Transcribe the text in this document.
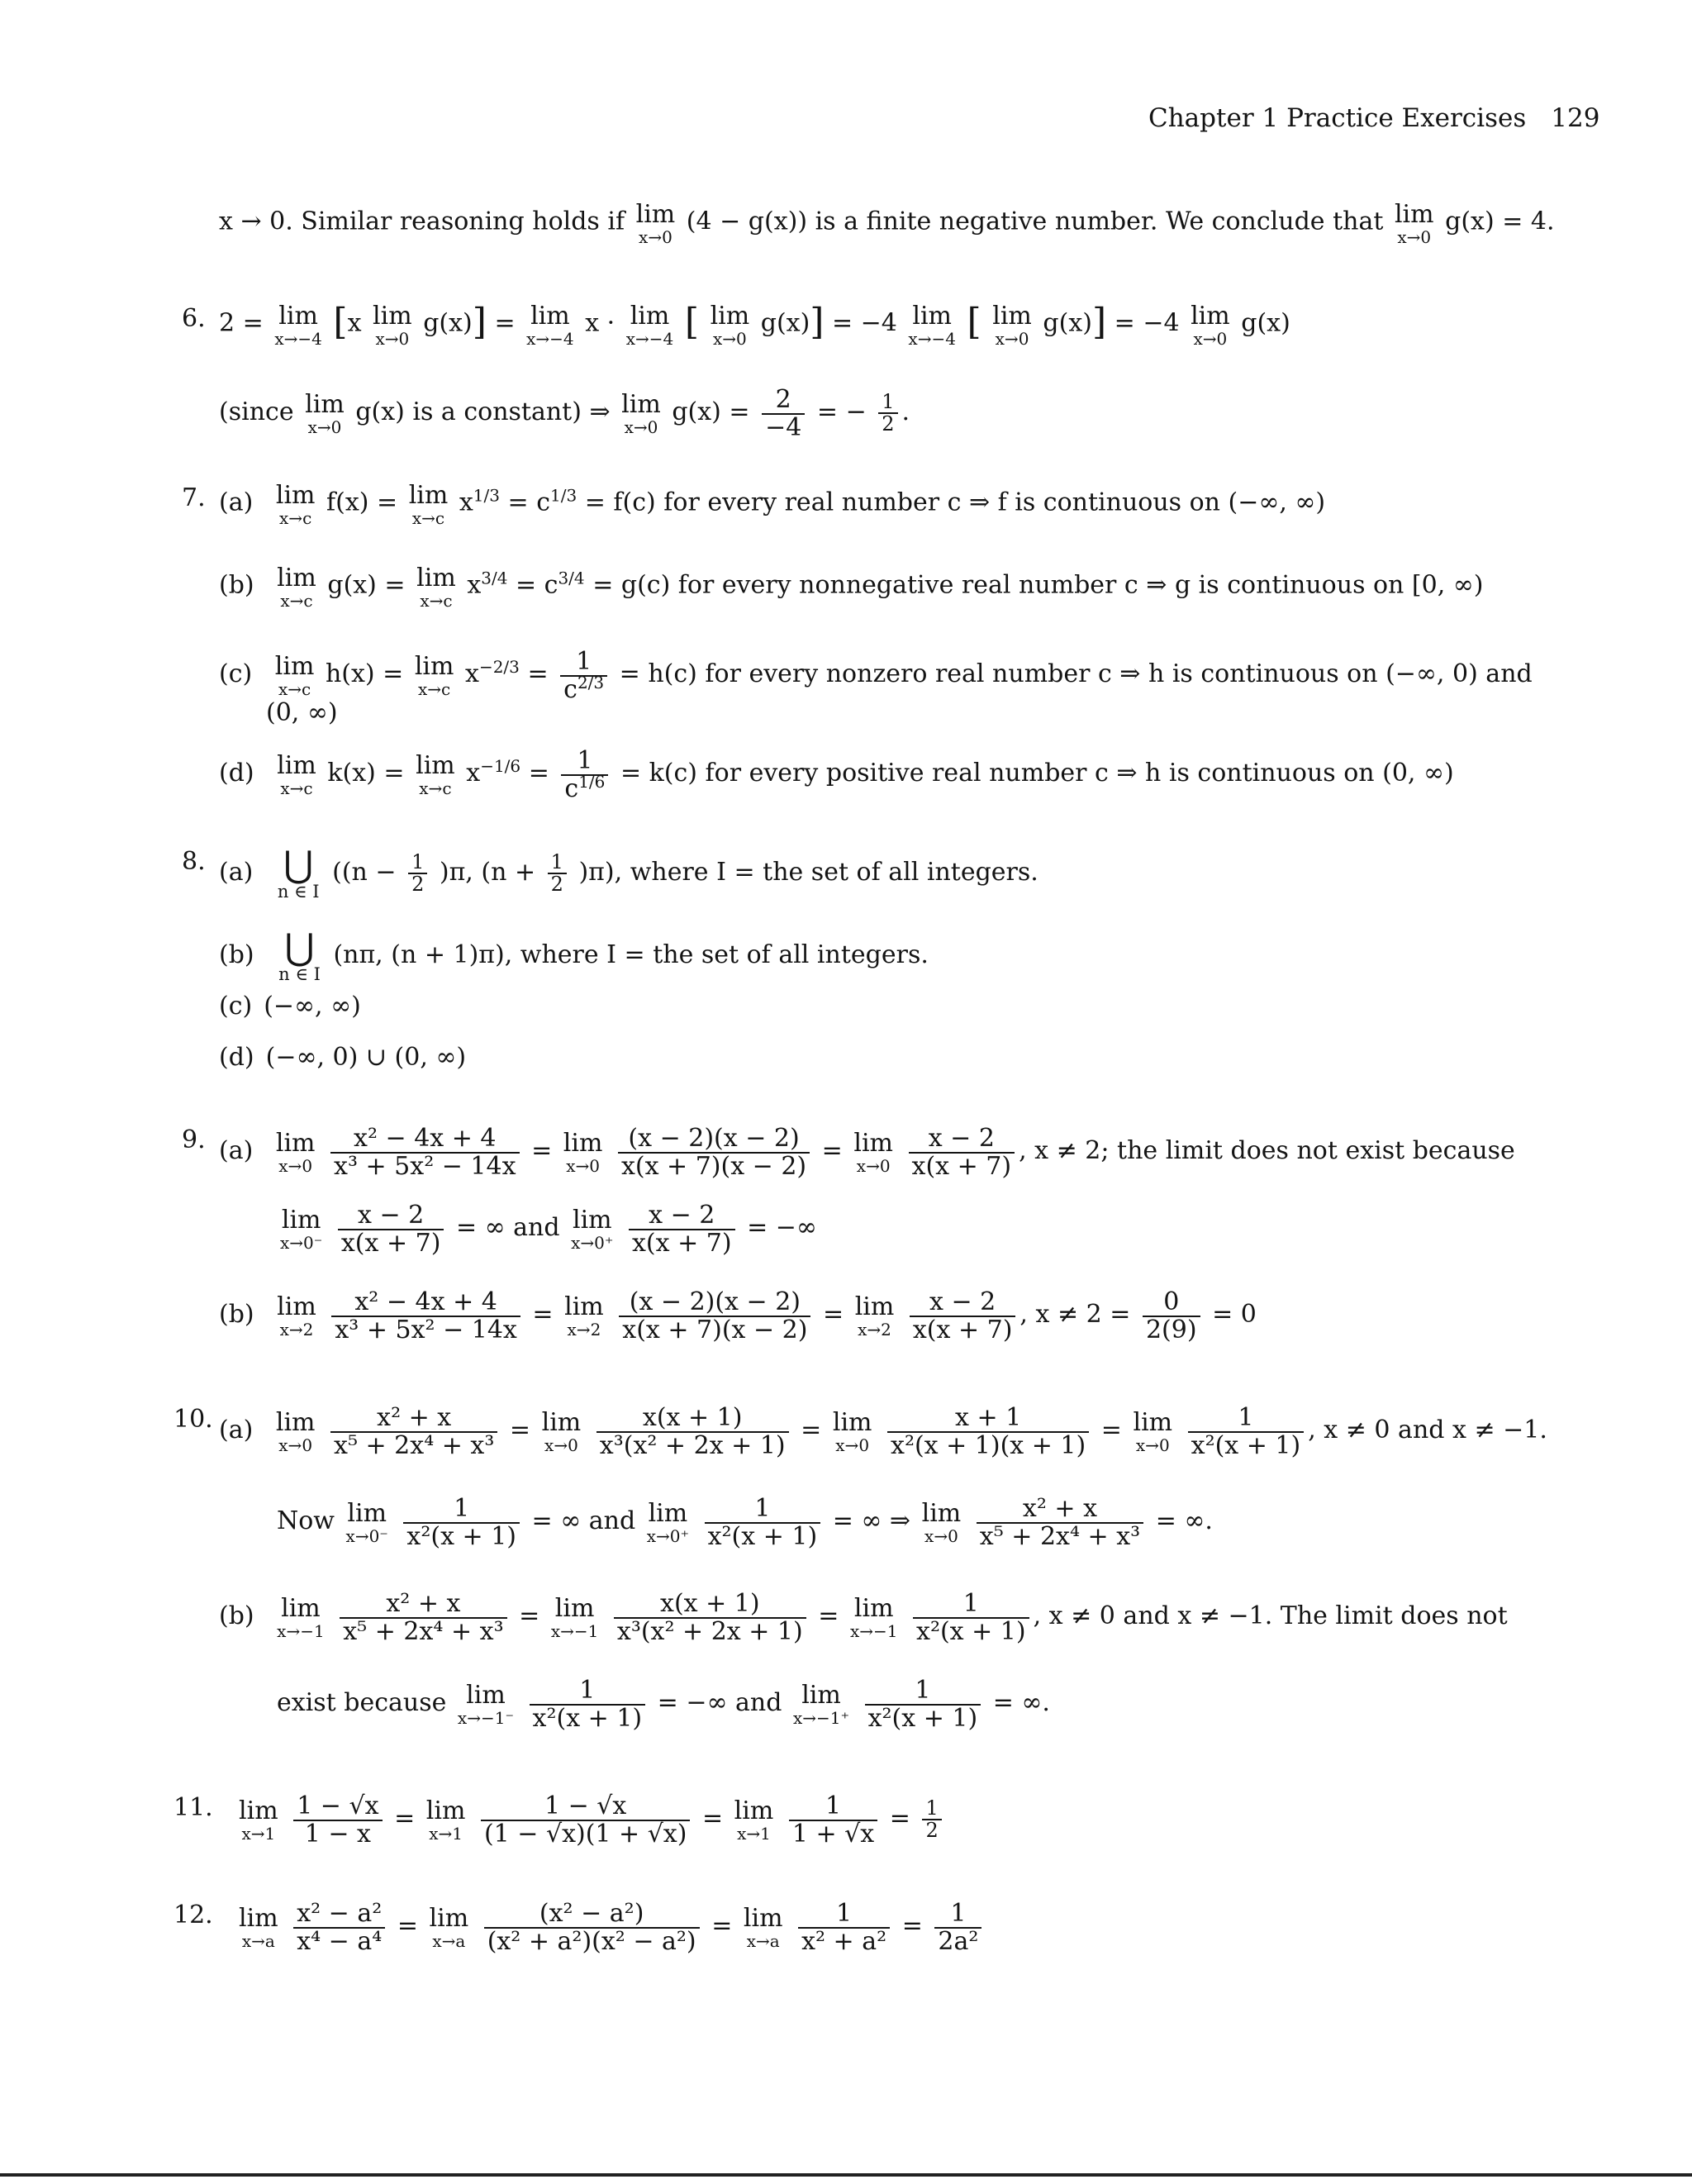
Chapter 1 Practice Exercises 129
x → 0. Similar reasoning holds if lim
x→0
(4 − g(x)) is a finite negative number. We conclude that lim
x→0
g(x) = 4.
6. 2 = lim
x→−4 [x lim
x→0
g(x)] = lim
x→−4
x · lim
x→−4 [ lim
x→0
g(x)] = −4 lim
x→−4 [ lim
x→0
g(x)] = −4 lim
x→0
g(x)
(since lim
x→0
g(x) is a constant) ⇒ lim
x→0
$g(x) = \frac{2}{-4}$ = − $\frac{1}{2}$ .
7. (a) lim
x→c
f(x) = lim
x→c
$x^{1/3} = c^{1/3} = f(c)$ for every real number c ⇒ f is continuous on (−∞, ∞)
(b) lim
x→c
g(x) = lim
x→c
$x^{3/4} = c^{3/4} = g(c)$ for every nonnegative real number c ⇒ g is continuous on [0, ∞)
(c) lim
x→c
h(x) = lim
x→c
$x^{-2/3} = \frac{1}{c^{2/3}} = h(c)$ for every nonzero real number c ⇒ h is continuous on (−∞, 0) and
(0, ∞)
(d) lim
x→c
k(x) = lim
x→c
$x^{-1/6} = \frac{1}{c^{1/6}} = k(c)$ for every positive real number c ⇒ h is continuous on (0, ∞)
8. (a) ⋃
n ∈ I
($(n - \frac{1}{2} )\pi$, $(n + \frac{1}{2} )\pi$), where I = the set of all integers.
(b) ⋃
n ∈ I
(nπ, (n + 1)π), where I = the set of all integers.
(c) (−∞, ∞)
(d) (−∞, 0) ∪ (0, ∞)
9. (a) lim
x→0
$\frac{\text{x² − 4x + 4}}{\text{x³ + 5x² − 14x}} = \lim$
x→0
$\frac{(x - 2)(x - 2)}{x(x + 7)(x - 2)} = \lim$
x→0
$\frac{x - 2}{x(x + 7)}$ , x ≠ 2; the limit does not exist because
lim
x→0⁻
$\frac{x - 2}{x(x + 7)}$ = ∞ and lim
x→0⁺
$\frac{x - 2}{x(x + 7)}$ = −∞
(b) lim
x→2
$\frac{\text{x² − 4x + 4}}{\text{x³ + 5x² − 14x}} = \lim$
x→2
$\frac{(x - 2)(x - 2)}{x(x + 7)(x - 2)} = \lim$
x→2
$\frac{x - 2}{x(x + 7)}$ , $x \ne 2 = \frac{0}{2(9)} = 0$
10. (a) lim
x→0
$\frac{\text{x² + x}}{\text{x⁵ + 2x⁴ + x³}} = \lim$
x→0
$\frac{x(x + 1)}{\text{x³(x² + 2x + 1)}} = \lim$
x→0
$\frac{x + 1}{\text{x²(x + 1)(x + 1)}} = \lim$
x→0
$\frac{1}{\text{x²(x + 1)}}$ , x ≠ 0 and x ≠ −1.
Now lim
x→0⁻
$\frac{1}{\text{x²(x + 1)}}$ = ∞ and lim
x→0⁺
$\frac{1}{\text{x²(x + 1)}}$ = ∞ ⇒ lim
x→0
$\frac{\text{x² + x}}{\text{x⁵ + 2x⁴ + x³}}$ = ∞.
(b) lim
x→−1
$\frac{\text{x² + x}}{\text{x⁵ + 2x⁴ + x³}} = \lim$
x→−1
$\frac{x(x + 1)}{\text{x³(x² + 2x + 1)}} = \lim$
x→−1
$\frac{1}{\text{x²(x + 1)}}$ , x ≠ 0 and x ≠ −1. The limit does not
exist because lim
x→−1⁻
$\frac{1}{\text{x²(x + 1)}}$ = −∞ and lim
x→−1⁺
$\frac{1}{\text{x²(x + 1)}}$ = ∞.
11. lim
x→1
$\frac{1 - √x}{1 - x} = \lim$
x→1
$\frac{1 - √x}{(1 - √x)(1 + √x)} = \lim$
x→1
$\frac{1}{1 + √x} = \frac{1}{2}$
12. lim
x→a
$\frac{\text{x² − a²}}{\text{x⁴ − a⁴}} = \lim$
x→a
$\frac{\text{(x² − a²)}}{\text{(x² + a²)(x² − a²)}} = \lim$
x→a
$\frac{1}{\text{x² + a²}} = \frac{1}{\text{2a²}}$
